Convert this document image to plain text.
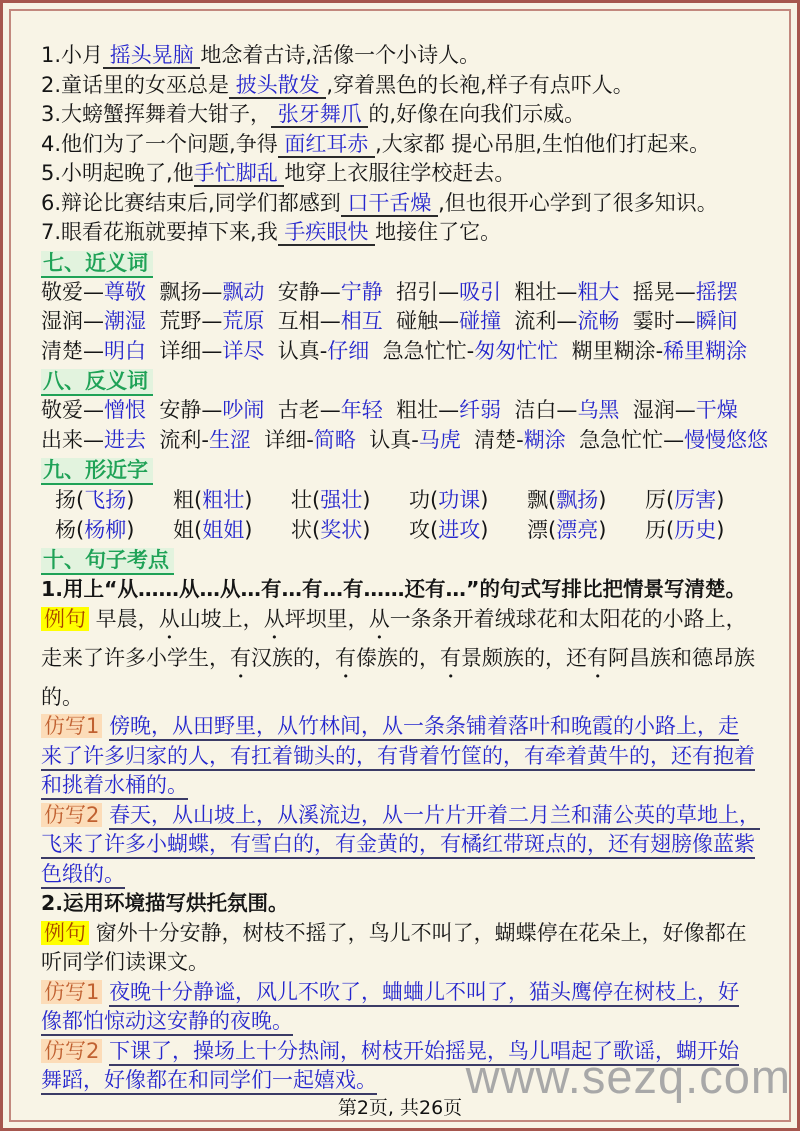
1.小月 摇头晃脑 地念着古诗,活像一个小诗人。
2.童话里的女巫总是 披头散发 ,穿着黑色的长袍,样子有点吓人。
3.大螃蟹挥舞着大钳子， 张牙舞爪 的,好像在向我们示威。
4.他们为了一个问题,争得 面红耳赤 ,大家都 提心吊胆,生怕他们打起来。
5.小明起晚了,他手忙脚乱 地穿上衣服往学校赶去。
6.辩论比赛结束后,同学们都感到 口干舌燥 ,但也很开心学到了很多知识。
7.眼看花瓶就要掉下来,我 手疾眼快 地接住了它。
七、近义词
敬爱—尊敬  飘扬—飘动  安静—宁静  招引—吸引  粗壮—粗大  摇晃—摇摆
湿润—潮湿  荒野—荒原  互相—相互  碰触—碰撞  流利—流畅  霎时—瞬间
清楚—明白  详细—详尽  认真-仔细  急急忙忙-匆匆忙忙  糊里糊涂-稀里糊涂
八、反义词
敬爱—憎恨  安静—吵闹  古老—年轻  粗壮—纤弱  洁白—乌黑  湿润—干燥
出来—进去  流利-生涩  详细-简略  认真-马虎  清楚-糊涂  急急忙忙—慢慢悠悠
九、形近字
扬(飞扬)	粗(粗壮)	壮(强壮)	功(功课)	飘(飘扬)	厉(厉害)
杨(杨柳)	姐(姐姐)	状(奖状)	攻(进攻)	漂(漂亮)	历(历史)
十、句子考点
1.用上“从……从…从…有…有…有……还有…”的句式写排比把情景写清楚。
例句 早晨，从山坡上，从坪坝里，从一条条开着绒球花和太阳花的小路上，
走来了许多小学生，有汉族的，有傣族的，有景颇族的，还有阿昌族和德昂族
的。
仿写1 傍晚，从田野里，从竹林间，从一条条铺着落叶和晚霞的小路上，走
来了许多归家的人，有扛着锄头的，有背着竹筐的，有牵着黄牛的，还有抱着
和挑着水桶的。
仿写2 春天，从山坡上，从溪流边，从一片片开着二月兰和蒲公英的草地上，
飞来了许多小蝴蝶，有雪白的，有金黄的，有橘红带斑点的，还有翅膀像蓝紫
色缎的。
2.运用环境描写烘托氛围。
例句 窗外十分安静，树枝不摇了，鸟儿不叫了，蝴蝶停在花朵上，好像都在
听同学们读课文。
仿写1 夜晚十分静谧，风儿不吹了，蛐蛐儿不叫了，猫头鹰停在树枝上，好
像都怕惊动这安静的夜晚。
仿写2 下课了，操场上十分热闹，树枝开始摇晃，鸟儿唱起了歌谣，蝴开始
舞蹈，好像都在和同学们一起嬉戏。	www.sezq.com
第2页, 共26页
